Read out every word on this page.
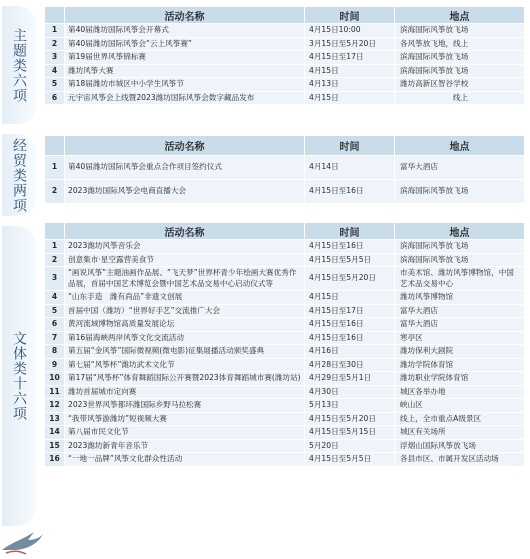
主题类六项
经贸类两项
文体类十六项
	活动名称	时间	地点
1	第40届潍坊国际风筝会开幕式	4月15日10:00	滨海国际风筝放飞场
2	第40届潍坊国际风筝会“云上风筝赛”	3月15日至5月20日	各风筝放飞地，线上
3	第19届世界风筝锦标赛	4月15日至17日	滨海国际风筝放飞场
4	潍坊风筝大赛	4月15日	滨海国际风筝放飞场
5	第18届潍坊市城区中小学生风筝节	4月13日	潍坊高新区智谷学校
6	元宇宙风筝会上线暨2023潍坊国际风筝会数字藏品发布	4月15日	线上
	活动名称	时间	地点
1	第40届潍坊国际风筝会重点合作项目签约仪式	4月14日	富华大酒店
2	2023潍坊国际风筝会电商直播大会	4月15日至16日	滨海国际风筝放飞场
	活动名称	时间	地点
1	2023潍坊风筝音乐会	4月15日至16日	滨海国际风筝放飞场
2	创意集市·星空露营美食节	4月15日至5月5日	滨海国际风筝放飞场
3	“画说风筝”主题油画作品展、“飞天梦”世界杯青少年绘画大赛优秀作品展，首届中国艺术博览会暨中国艺术品交易中心启动仪式等	4月15日至5月20日	市美术馆、潍坊风筝博物馆，中国艺术品交易中心
4	“山东手造　潍有尚品”非遗文创展	4月15日	潍坊风筝博物馆
5	首届中国（潍坊）“世界好手艺”交流推广大会	4月15日至17日	富华大酒店
6	黄河流域博物馆高质量发展论坛	4月15日至16日	富华大酒店
7	第16届海峡两岸风筝文化交流活动	4月15日至16日	寒亭区
8	第五届“金风筝”国际微视频(微电影)征集展播活动颁奖盛典	4月16日	潍坊保利大剧院
9	第七届“风筝杯”潍坊武术文化节	4月28日至30日	潍坊学院体育馆
10	第17届“风筝杯”体育舞蹈国际公开赛暨2023体育舞蹈城市赛(潍坊站)	4月29日至5月1日	潍坊职业学院体育馆
11	潍坊首届城市定向赛	4月30日	城区各举办地
12	2023世界风筝都环潍国际乡野马拉松赛	5月13日	峡山区
13	“我带风筝游潍坊”短视频大赛	4月15日至5月20日	线上，全市重点A级景区
14	第八届市民文化节	4月15日至5月15日	城区有关场所
15	2023潍坊新青年音乐节	5月20日	浮烟山国际风筝放飞场
16	“一地一品牌”风筝文化群众性活动	4月15日至5月5日	各县市区、市属开发区活动场
